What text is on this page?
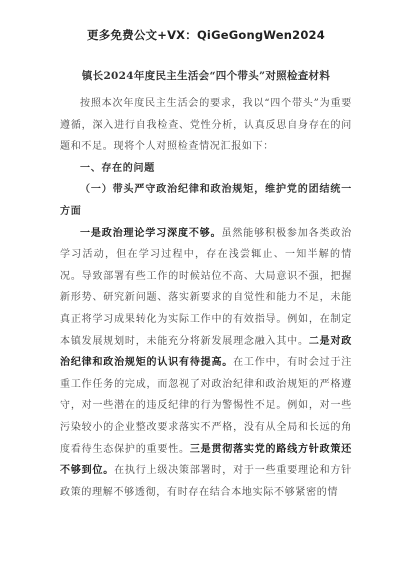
更多免费公文+VX：QiGeGongWen2024
镇长2024年度民主生活会“四个带头”对照检查材料

按照本次年度民主生活会的要求，我以“四个带头”为重要遵循，深入进行自我检查、党性分析，认真反思自身存在的问题和不足。现将个人对照检查情况汇报如下：

一、存在的问题

（一）带头严守政治纪律和政治规矩，维护党的团结统一方面

一是政治理论学习深度不够。虽然能够积极参加各类政治学习活动，但在学习过程中，存在浅尝辄止、一知半解的情况。导致部署有些工作的时候站位不高、大局意识不强，把握新形势、研究新问题、落实新要求的自觉性和能力不足，未能真正将学习成果转化为实际工作中的有效指导。例如，在制定本镇发展规划时，未能充分将新发展理念融入其中。二是对政治纪律和政治规矩的认识有待提高。在工作中，有时会过于注重工作任务的完成，而忽视了对政治纪律和政治规矩的严格遵守，对一些潜在的违反纪律的行为警惕性不足。例如，对一些污染较小的企业整改要求落实不严格，没有从全局和长远的角度看待生态保护的重要性。三是贯彻落实党的路线方针政策还不够到位。在执行上级决策部署时，对于一些重要理论和方针政策的理解不够透彻，有时存在结合本地实际不够紧密的情
